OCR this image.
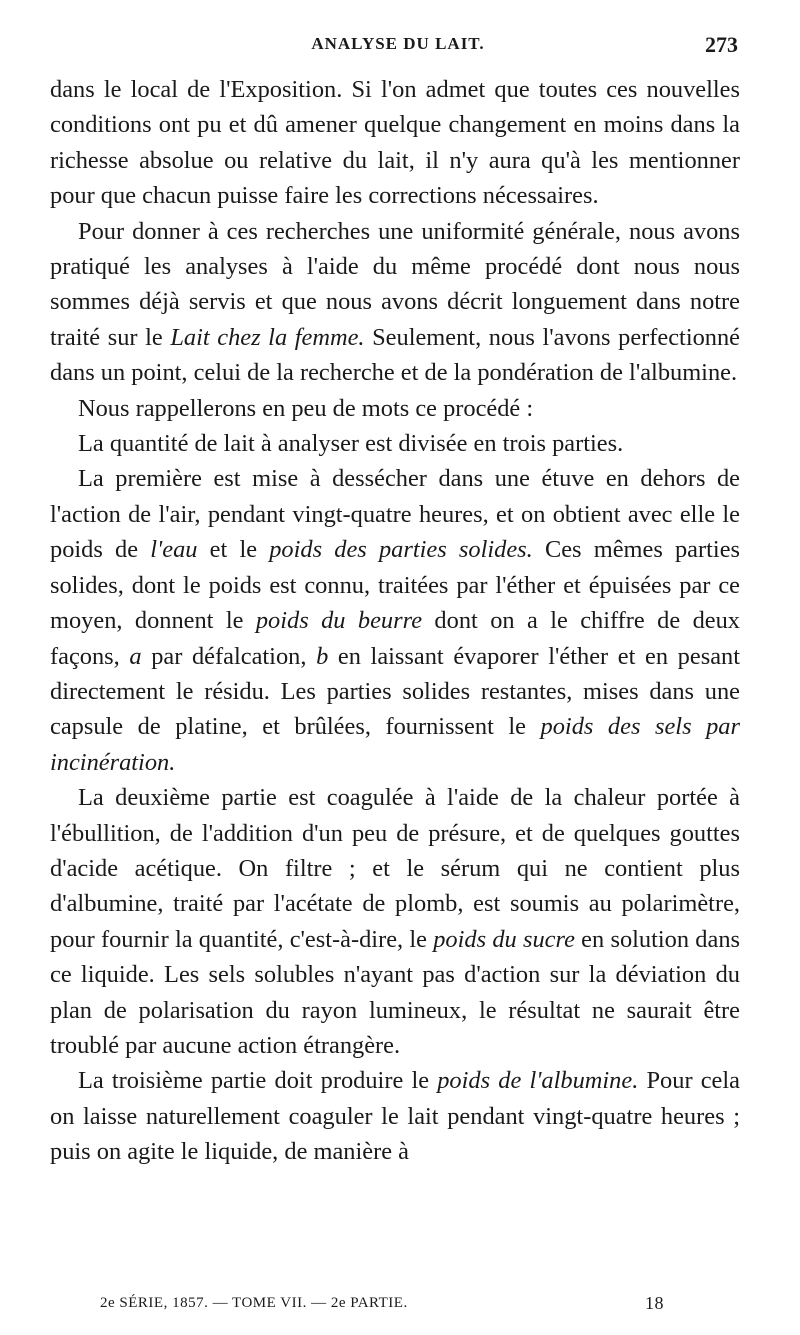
ANALYSE DU LAIT.	273

dans le local de l'Exposition. Si l'on admet que toutes ces nouvelles conditions ont pu et dû amener quelque changement en moins dans la richesse absolue ou relative du lait, il n'y aura qu'à les mentionner pour que chacun puisse faire les corrections nécessaires.

Pour donner à ces recherches une uniformité générale, nous avons pratiqué les analyses à l'aide du même procédé dont nous nous sommes déjà servis et que nous avons décrit longuement dans notre traité sur le Lait chez la femme. Seulement, nous l'avons perfectionné dans un point, celui de la recherche et de la pondération de l'albumine.

Nous rappellerons en peu de mots ce procédé :

La quantité de lait à analyser est divisée en trois parties.

La première est mise à dessécher dans une étuve en dehors de l'action de l'air, pendant vingt-quatre heures, et on obtient avec elle le poids de l'eau et le poids des parties solides. Ces mêmes parties solides, dont le poids est connu, traitées par l'éther et épuisées par ce moyen, donnent le poids du beurre dont on a le chiffre de deux façons, a par défalcation, b en laissant évaporer l'éther et en pesant directement le résidu. Les parties solides restantes, mises dans une capsule de platine, et brûlées, fournissent le poids des sels par incinération.

La deuxième partie est coagulée à l'aide de la chaleur portée à l'ébullition, de l'addition d'un peu de présure, et de quelques gouttes d'acide acétique. On filtre ; et le sérum qui ne contient plus d'albumine, traité par l'acétate de plomb, est soumis au polarimètre, pour fournir la quantité, c'est-à-dire, le poids du sucre en solution dans ce liquide. Les sels solubles n'ayant pas d'action sur la déviation du plan de polarisation du rayon lumineux, le résultat ne saurait être troublé par aucune action étrangère.

La troisième partie doit produire le poids de l'albumine. Pour cela on laisse naturellement coaguler le lait pendant vingt-quatre heures ; puis on agite le liquide, de manière à

2e SÉRIE, 1857. — TOME VII. — 2e PARTIE.	18
